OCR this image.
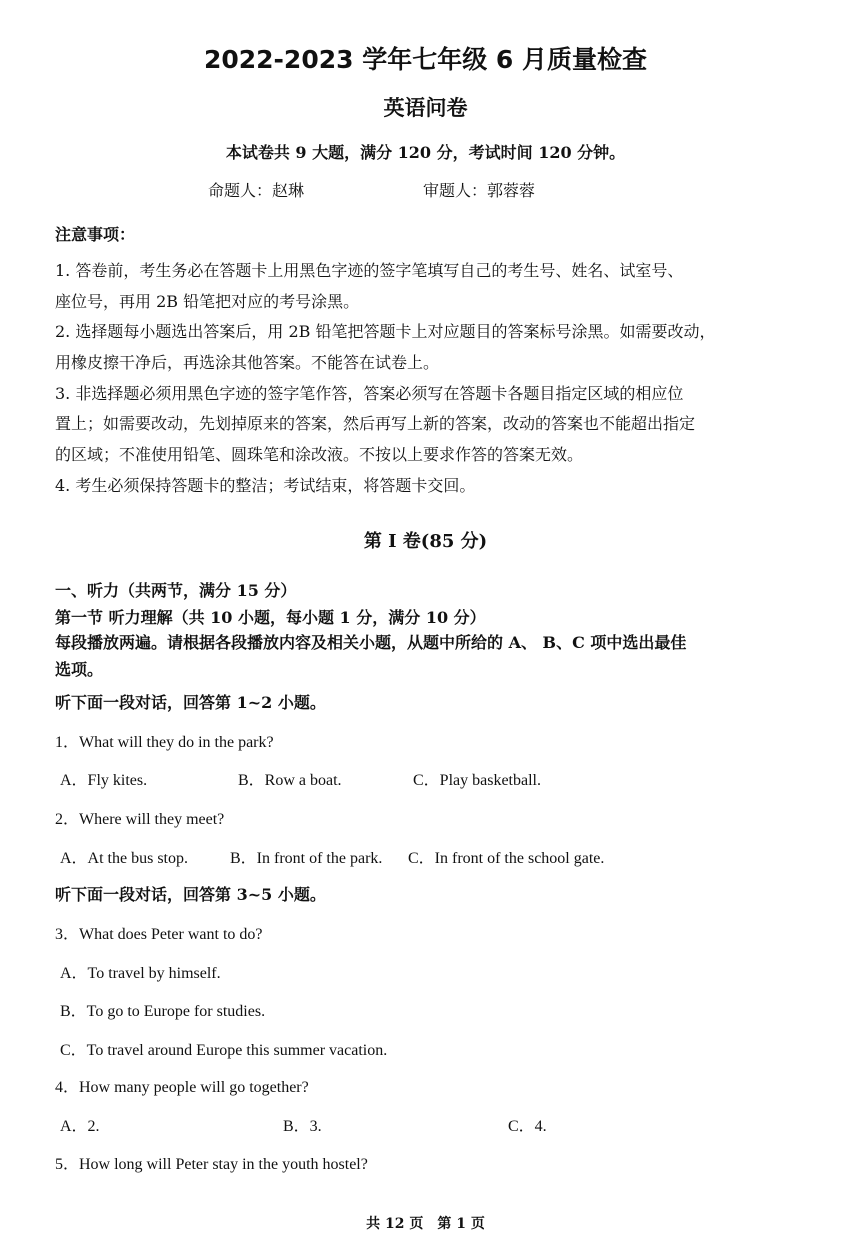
2022-2023 学年七年级 6 月质量检查
英语问卷
本试卷共 9 大题，满分 120 分，考试时间 120 分钟。
命题人：赵琳	审题人：郭蓉蓉
注意事项：
1. 答卷前，考生务必在答题卡上用黑色字迹的签字笔填写自己的考生号、姓名、试室号、
座位号，再用 2B 铅笔把对应的考号涂黑。
2. 选择题每小题选出答案后，用 2B 铅笔把答题卡上对应题目的答案标号涂黑。如需要改动，
用橡皮擦干净后，再选涂其他答案。不能答在试卷上。
3. 非选择题必须用黑色字迹的签字笔作答，答案必须写在答题卡各题目指定区域的相应位
置上；如需要改动，先划掉原来的答案，然后再写上新的答案，改动的答案也不能超出指定
的区域；不准使用铅笔、圆珠笔和涂改液。不按以上要求作答的答案无效。
4. 考生必须保持答题卡的整洁；考试结束，将答题卡交回。
第 I 卷(85 分)
一、听力（共两节，满分 15 分）
第一节 听力理解（共 10 小题，每小题 1 分，满分 10 分）
每段播放两遍。请根据各段播放内容及相关小题，从题中所给的 A、 B、C 项中选出最佳
选项。
听下面一段对话，回答第 1~2 小题。
1．What will they do in the park?
A．Fly kites.	B．Row a boat.	C．Play basketball.
2．Where will they meet?
A．At the bus stop.	B．In front of the park. C．In front of the school gate.
听下面一段对话，回答第 3~5 小题。
3．What does Peter want to do?
A．To travel by himself.
B．To go to Europe for studies.
C．To travel around Europe this summer vacation.
4．How many people will go together?
A．2.	B．3.	C．4.
5．How long will Peter stay in the youth hostel?
共 12 页　第 1 页
